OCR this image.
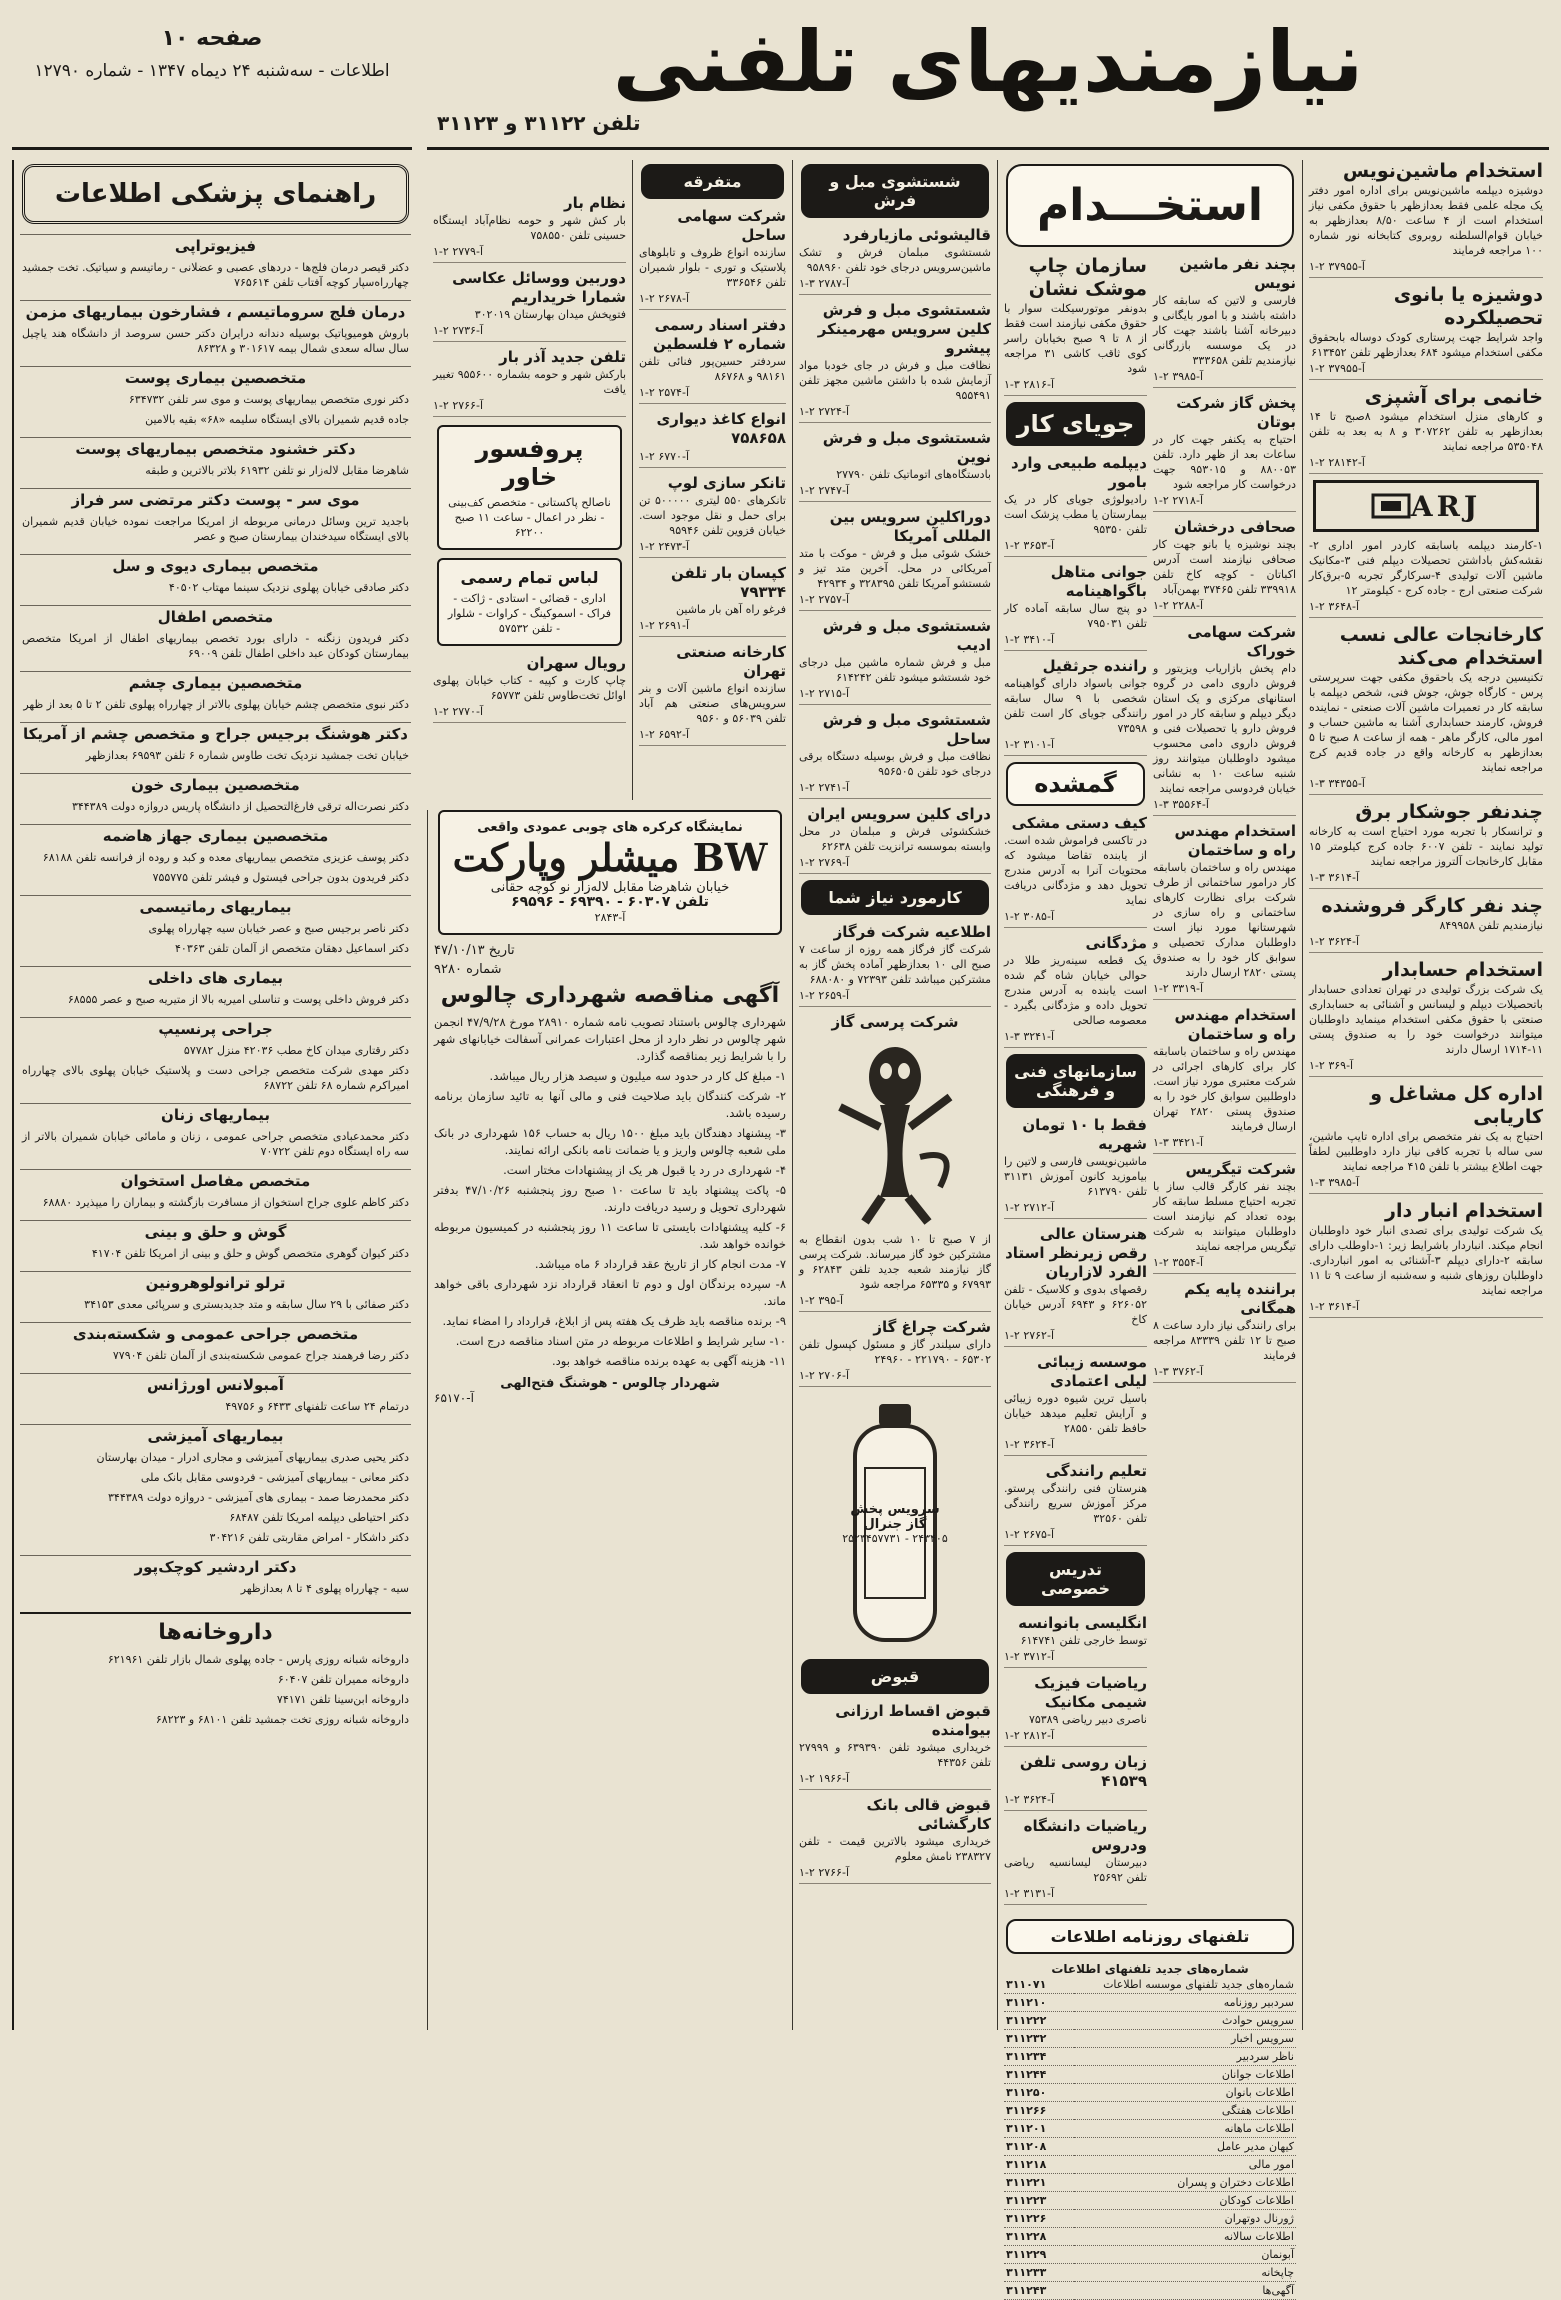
نیازمندیهای تلفنی
تلفن ۳۱۱۲۲ و ۳۱۱۲۳
صفحه ۱۰
اطلاعات - سه‌شنبه ۲۴ دیماه ۱۳۴۷ - شماره ۱۲۷۹۰
استخدام ماشین‌نویس

دوشیزه دیپلمه ماشین‌نویس برای اداره امور دفتر یک مجله علمی فقط بعدازظهر با حقوق مکفی نیاز استخدام است از ۴ ساعت ۸/۵۰ بعدازظهر به خیابان قوام‌السلطنه روبروی کتابخانه نور شماره ۱۰۰ مراجعه فرمایند

آ-۳۷۹۵۵ ۲-۱
دوشیزه یا بانوی تحصیلکرده

واجد شرایط جهت پرستاری کودک دوساله بابحقوق مکفی استخدام میشود ۶۸۴ بعدازظهر تلفن ۶۱۳۴۵۲

آ-۳۷۹۵۵ ۲-۱
خانمی برای آشپزی

و کارهای منزل استخدام میشود ۸صبح تا ۱۴ بعدازظهر به تلفن ۳۰۷۲۶۲ و ۸ به بعد به تلفن ۵۳۵۰۴۸ مراجعه نمایند

آ-۲۸۱۴۲ ۲-۱
ARJ

۱-کارمند دیپلمه باسابقه کاردر امور اداری ۲-نقشه‌کش باداشتن تحصیلات دیپلم فنی ۳-مکانیک ماشین آلات تولیدی ۴-سرکارگر تجربه ۵-برق‌کار شرکت صنعتی ارج - جاده کرج - کیلومتر ۱۲

آ-۳۶۴۸ ۲-۱
کارخانجات عالی نسب استخدام می‌کند

تکنیسین درجه یک باحقوق مکفی جهت سرپرستی پرس - کارگاه جوش، جوش فنی، شخص دیپلمه با سابقه کار در تعمیرات ماشین آلات صنعتی - نماینده فروش، کارمند حسابداری آشنا به ماشین حساب و امور مالی، کارگر ماهر - همه از ساعت ۸ صبح تا ۵ بعدازظهر به کارخانه واقع در جاده قدیم کرج مراجعه نمایند

آ-۳۴۳۵۵ ۳-۱
چندنفر جوشکار برق

و ترانسکار با تجربه مورد احتیاج است به کارخانه تولید نمایند - تلفن ۶۰۰۷ جاده کرج کیلومتر ۱۵ مقابل کارخانجات آلتروز مراجعه نمایند

آ-۳۶۱۴ ۳-۱
چند نفر کارگر فروشنده

نیازمندیم تلفن ۸۴۹۹۵۸

آ-۳۶۲۴ ۲-۱
استخدام حسابدار

یک شرکت بزرگ تولیدی در تهران تعدادی حسابدار باتحصیلات دیپلم و لیسانس و آشنائی به حسابداری صنعتی با حقوق مکفی استخدام مینماید داوطلبان میتوانند درخواست خود را به صندوق پستی ۱۱-۱۷۱۴ ارسال دارند

آ-۳۶۹ ۲-۱
اداره کل مشاغل و کاریابی

احتیاج به یک نفر متخصص برای اداره تایپ ماشین، سی ساله با تجربه کافی نیاز دارد داوطلبین لطفاً جهت اطلاع بیشتر با تلفن ۴۱۵ مراجعه نمایند

آ-۳۹۸۵ ۳-۱
استخدام انبار دار

یک شرکت تولیدی برای تصدی انبار خود داوطلبان انجام میکند. انباردار باشرایط زیر: ۱-داوطلب دارای سابقه ۲-دارای دیپلم ۳-آشنائی به امور انبارداری. داوطلبان روزهای شنبه و سه‌شنبه از ساعت ۹ تا ۱۱ مراجعه نمایند

آ-۳۶۱۴ ۲-۱
استخـــدام
بچند نفر ماشین نویس

فارسی و لاتین که سابقه کار داشته باشند و با امور بایگانی و دبیرخانه آشنا باشند جهت کار در یک موسسه بازرگانی نیازمندیم تلفن ۳۳۳۶۵۸

آ-۳۹۸۵ ۲-۱
پخش گاز شرکت بوتان

احتیاج به یکنفر جهت کار در ساعات بعد از ظهر دارد. تلفن ۸۸۰۰۵۳ و ۹۵۳۰۱۵ جهت درخواست کار مراجعه شود

آ-۲۷۱۸ ۲-۱
صحافی درخشان

بچند نوشیزه یا بانو جهت کار صحافی نیازمند است آدرس اکباتان - کوچه کاخ تلفن ۳۳۹۹۱۸ تلفن ۳۷۴۶۵ بهمن‌آباد

آ-۲۲۸۸ ۲-۱
شرکت سهامی خوراک

دام پخش بازاریاب ویزیتور و فروش داروی دامی در گروه استانهای مرکزی و یک استان دیگر دیپلم و سابقه کار در امور فروش دارو یا تحصیلات فنی و فروش داروی دامی محسوب میشود داوطلبان میتوانند روز شنبه ساعت ۱۰ به نشانی خیابان فردوسی مراجعه نمایند

آ-۳۵۵۶۴ ۳-۱
استخدام مهندس راه و ساختمان

مهندس راه و ساختمان باسابقه کار درامور ساختمانی از طرف شرکت برای نظارت کارهای ساختمانی و راه سازی در شهرستانها مورد نیاز است داوطلبان مدارک تحصیلی و سوابق کار خود را به صندوق پستی ۲۸۲۰ ارسال دارند

آ-۳۳۱۹ ۲-۱
استخدام مهندس راه و ساختمان

مهندس راه و ساختمان باسابقه کار برای کارهای اجرائی در شرکت معتبری مورد نیاز است. داوطلبین سوابق کار خود را به صندوق پستی ۲۸۲۰ تهران ارسال فرمایند

آ-۳۴۲۱ ۳-۱
شرکت تیگریس

بچند نفر کارگر قالب ساز با تجربه احتیاج مسلط سابقه کار بوده تعداد کم نیازمند است داوطلبان میتوانند به شرکت تیگریس مراجعه نمایند

آ-۳۵۵۴ ۲-۱
برانندہ پایه یکم همگانی

برای رانندگی نیاز دارد ساعت ۸ صبح تا ۱۲ تلفن ۸۳۳۳۹ مراجعه فرمایند

آ-۳۷۶۲ ۳-۱
سازمان چاپ موشک نشان

بدونفر موتورسیکلت سوار با حقوق مکفی نیازمند است فقط از ۸ تا ۹ صبح بخیابان راسر کوی ثاقب کاشی ۳۱ مراجعه شود

آ-۲۸۱۶ ۳-۱
جویای کار
دیپلمه طبیعی وارد بامور

رادیولوژی جویای کار در یک بیمارستان یا مطب پزشک است تلفن ۹۵۳۵۰

آ-۳۶۵۳ ۲-۱
جوانی متاهل باگواهینامه

دو پنج سال سابقه آماده کار تلفن ۷۹۵۰۳۱

آ-۳۴۱۰ ۲-۱
راننده جرثقیل

جوانی باسواد دارای گواهینامه شخصی با ۹ سال سابقه رانندگی جویای کار است تلفن ۷۳۵۹۸

آ-۳۱۰۱ ۲-۱
گمشده
کیف دستی مشکی

در تاکسی فراموش شده است. از یابنده تقاضا میشود که محتویات آنرا به آدرس مندرج تحویل دهد و مژدگانی دریافت نماید

آ-۳۰۸۵ ۲-۱
مژدگانی

یک قطعه سینه‌ریز طلا در حوالی خیابان شاه گم شده است یابنده به آدرس مندرج تحویل داده و مژدگانی بگیرد - معصومه صالحی

آ-۳۲۴۱ ۳-۱
سازمانهای فنی و فرهنگی
فقط با ۱۰ تومان شهریه

ماشین‌نویسی فارسی و لاتین را بیاموزید کانون آموزش ۳۱۱۳۱ تلفن ۶۱۳۷۹۰

آ-۲۷۱۲ ۲-۱
هنرستان عالی رقص زیرنظر استاد الفرد لازاریان

رقصهای بدوی و کلاسیک - تلفن ۶۲۶۰۵۲ و ۶۹۴۳ آدرس خیابان کاخ

آ-۲۷۶۲ ۲-۱
موسسه زیبائی لیلی اعتمادی

باسیل ترین شیوه دوره زیبائی و آرایش تعلیم میدهد خیابان حافظ تلفن ۲۸۵۵۰

آ-۳۶۲۴ ۲-۱
تعلیم رانندگی

هنرستان فنی رانندگی پرستو. مرکز آموزش سریع رانندگی تلفن ۳۲۵۶۰

آ-۲۶۷۵ ۲-۱
تدریس خصوصی
انگلیسی بانوانسه

توسط خارجی تلفن ۶۱۴۷۴۱

آ-۳۷۱۲ ۲-۱
ریاضیات فیزیک شیمی مکانیک

ناصری دبیر ریاضی ۷۵۳۸۹

آ-۲۸۱۲ ۲-۱
زبان روسی تلفن ۴۱۵۳۹
آ-۳۶۲۴ ۲-۱
ریاضیات دانشگاه ودروس

دبیرستان لیسانسیه ریاضی تلفن ۲۵۶۹۲

آ-۳۱۳۱ ۲-۱
تلفنهای روزنامه اطلاعات
شماره‌های جدید تلفنهای اطلاعات
شماره‌های جدید تلفنهای موسسه اطلاعات	۳۱۱۰۷۱
سردبیر روزنامه	۳۱۱۲۱۰
سرویس حوادث	۳۱۱۲۲۲
سرویس اخبار	۳۱۱۲۳۲
ناظر سردبیر	۳۱۱۲۳۴
اطلاعات جوانان	۳۱۱۲۴۴
اطلاعات بانوان	۳۱۱۲۵۰
اطلاعات هفتگی	۳۱۱۲۶۶
اطلاعات ماهانه	۳۱۱۲۰۱
کیهان مدیر عامل	۳۱۱۲۰۸
امور مالی	۳۱۱۲۱۸
اطلاعات دختران و پسران	۳۱۱۲۲۱
اطلاعات کودکان	۳۱۱۲۲۳
ژورنال دوتهران	۳۱۱۲۲۶
اطلاعات سالانه	۳۱۱۲۲۸
آبونمان	۳۱۱۲۲۹
چاپخانه	۳۱۱۲۳۳
آگهی‌ها	۳۱۱۲۴۳
شستشوی مبل و فرش
قالیشوئی مازیارفرد

شستشوی مبلمان فرش و تشک ماشین‌سرویس درجای خود تلفن ۹۵۸۹۶۰

آ-۲۷۸۷ ۳-۱
شستشوی مبل و فرش کلین سرویس مهرمینکر پیشرو

نظافت مبل و فرش در جای خودبا مواد آزمایش شده با داشتن ماشین مجهز تلفن ۹۵۵۴۹۱

آ-۲۷۲۴ ۲-۱
شستشوی مبل و فرش نوین

بادستگاه‌های اتوماتیک تلفن ۲۷۷۹۰

آ-۲۷۴۷ ۲-۱
دوراکلین سرویس بین المللی آمریکا

خشک شوئی مبل و فرش - موکت با متد آمریکائی در محل. آخرین متد تیز و شستشو آمریکا تلفن ۳۲۸۳۹۵ و ۴۲۹۳۴

آ-۲۷۵۷ ۲-۱
شستشوی مبل و فرش ادیب

مبل و فرش شماره ماشین مبل درجای خود شستشو میشود تلفن ۶۱۴۲۴۲

آ-۲۷۱۵ ۲-۱
شستشوی مبل و فرش ساحل

نظافت مبل و فرش بوسیله دستگاه برقی درجای خود تلفن ۹۵۶۵۰۵

آ-۲۷۴۱ ۲-۱
درای کلین سرویس ایران

خشکشوئی فرش و مبلمان در محل وابسته بموسسه ترانزیت تلفن ۶۲۶۳۸

آ-۲۷۶۹ ۲-۱
کارمورد نیاز شما
اطلاعیه شرکت فرگاز

شرکت گاز فرگاز همه روزه از ساعت ۷ صبح الی ۱۰ بعدازظهر آماده پخش گاز به مشترکین میباشد تلفن ۷۲۳۹۳ و ۶۸۸۰۸۰

آ-۲۶۵۹ ۲-۱
شرکت پرسی گاز

از ۷ صبح تا ۱۰ شب بدون انقطاع به مشترکین خود گاز میرساند. شرکت پرسی گاز نیازمند شعبه جدید تلفن ۶۲۸۴۳ و ۶۷۹۹۳ و ۶۵۳۳۵ مراجعه شود

آ-۳۹۵ ۲-۱
شرکت چراغ گاز

دارای سیلندر گاز و مسئول کپسول تلفن ۶۵۳۰۲ - ۲۲۱۷۹۰ - ۲۴۹۶۰

آ-۲۷۰۶ ۲-۱
سرویس پخش گاز جنرال
۲۴۳۴۰۵ - ۲۵۲۳۴۵۷۷۳۱
قبوض
قبوض اقساط ارزانی بیوامنده

خریداری میشود تلفن ۶۳۹۳۹۰ و ۲۷۹۹۹ تلفن ۴۴۳۵۶

آ-۱۹۶۶ ۲-۱
قبوض قالی بانک کارگشائی

خریداری میشود بالاترین قیمت - تلفن ۲۳۸۳۲۷ نامش معلوم

آ-۲۷۶۶ ۲-۱
متفرقه
شرکت سهامی ساحل

سازنده انواع ظروف و تابلوهای پلاستیک و توری - بلوار شمیران تلفن ۳۳۶۵۴۶

آ-۲۶۷۸ ۲-۱
دفتر اسناد رسمی شماره ۲ فلسطین

سردفتر حسین‌پور فنائی تلفن ۹۸۱۶۱ و ۸۶۷۶۸

آ-۲۵۷۴ ۲-۱
انواع کاغذ دیواری ۷۵۸۶۵۸
آ-۶۷۷۰ ۲-۱
تانکر سازی لوپ

تانکرهای ۵۵۰ لیتری ۵۰۰۰۰۰ تن برای حمل و نقل موجود است. خیابان قزوین تلفن ۹۵۹۴۶

آ-۲۴۷۳ ۲-۱
کپسان بار تلفن ۷۹۳۳۴

فرغو راه آهن بار ماشین

آ-۲۶۹۱ ۲-۱
کارخانه صنعتی تهران

سازنده انواع ماشین آلات و بنر سرویس‌های صنعتی هم آباد تلفن ۵۶۰۳۹ و ۹۵۶۰

آ-۶۵۹۲ ۲-۱
نظام بار

بار کش شهر و حومه نظام‌آباد ایستگاه حسینی تلفن ۷۵۸۵۵۰

آ-۲۷۷۹ ۲-۱
دوربین ووسائل عکاسی شمارا خریداریم

فتوپخش میدان بهارستان ۳۰۲۰۱۹

آ-۲۷۳۶ ۲-۱
تلفن جدید آذر بار

بارکش شهر و حومه بشماره ۹۵۵۶۰۰ تغییر یافت

آ-۲۷۶۶ ۲-۱
پروفسور خاور

ناصالح پاکستانی - متخصص کف‌بینی - نظر در اعمال - ساعت ۱۱ صبح

۶۲۲۰۰

لباس تمام رسمی

اداری - قضائی - استادی - ژاکت - فراک - اسموکینگ - کراوات - شلوار - تلفن ۵۷۵۳۲

رویال سهران

چاپ کارت و کپیه - کتاب خیابان پهلوی اوائل تخت‌طاوس تلفن ۶۵۷۷۳

آ-۲۷۷۰ ۲-۱

نمایشگاه کرکره های چوبی عمودی واقعی

میشلر وپارکت BW

خیابان شاهرضا مقابل لاله‌زار نو کوچه حقانی

تلفن ۶۰۳۰۷ - ۶۹۳۹۰ - ۶۹۵۹۶

آ-۲۸۴۳

تاریخ ۴۷/۱۰/۱۳
شماره ۹۲۸۰
آگهی مناقصه شهرداری چالوس

شهرداری چالوس باستناد تصویب نامه شماره ۲۸۹۱۰ مورخ ۴۷/۹/۲۸ انجمن شهر چالوس در نظر دارد از محل اعتبارات عمرانی آسفالت خیابانهای شهر را با شرایط زیر بمناقصه گذارد.

۱- مبلغ کل کار در حدود سه میلیون و سیصد هزار ریال میباشد.

۲- شرکت کنندگان باید صلاحیت فنی و مالی آنها به تائید سازمان برنامه رسیده باشد.

۳- پیشنهاد دهندگان باید مبلغ ۱۵۰۰ ریال به حساب ۱۵۶ شهرداری در بانک ملی شعبه چالوس واریز و یا ضمانت نامه بانکی ارائه نمایند.

۴- شهرداری در رد یا قبول هر یک از پیشنهادات مختار است.

۵- پاکت پیشنهاد باید تا ساعت ۱۰ صبح روز پنجشنبه ۴۷/۱۰/۲۶ بدفتر شهرداری تحویل و رسید دریافت دارند.

۶- کلیه پیشنهادات بایستی تا ساعت ۱۱ روز پنجشنبه در کمیسیون مربوطه خوانده خواهد شد.

۷- مدت انجام کار از تاریخ عقد قرارداد ۶ ماه میباشد.

۸- سپرده برندگان اول و دوم تا انعقاد قرارداد نزد شهرداری باقی خواهد ماند.

۹- برنده مناقصه باید ظرف یک هفته پس از ابلاغ، قرارداد را امضاء نماید.

۱۰- سایر شرایط و اطلاعات مربوطه در متن اسناد مناقصه درج است.

۱۱- هزینه آگهی به عهده برنده مناقصه خواهد بود.

شهردار چالوس - هوشنگ فتح‌الهی
آ-۶۵۱۷۰
راهنمای پزشکی اطلاعات
فیزیوتراپی
دکتر قیصر درمان فلج‌ها - دردهای عصبی و عضلانی - رماتیسم و سیاتیک. تخت جمشید چهارراه‌سپار کوچه آفتاب تلفن ۷۶۵۶۱۴
درمان فلج سروماتیسم ، فشارخون بیماریهای مزمن
باروش هومیوپاتیک بوسیله دندانه درایران دکتر حسن سروصد از دانشگاه هند یاچیل سال ساله سعدی شمال بیمه ۳۰۱۶۱۷ و ۸۶۳۲۸
متخصصین بیماری پوست
دکتر نوری متخصص بیماریهای پوست و موی سر تلفن ۶۳۴۷۳۲
جاده قدیم شمیران بالای ایستگاه سلیمه «۶۸» بقیه بالامین
دکتر خشنود متخصص بیماریهای پوست
شاهرضا مقابل لاله‌زار نو تلفن ۶۱۹۳۲ بلاتر بالاترین و طبقه
موی سر - پوست دکتر مرتضی سر فراز
باجدید ترین وسائل درمانی مربوطه از امریکا مراجعت نموده خیابان قدیم شمیران بالای ایستگاه سیدخندان بیمارستان صبح و عصر
متخصص بیماری دیوی و سل
دکتر صادقی خیابان پهلوی نزدیک سینما مهتاب ۴۰۵۰۲
متخصص اطفال
دکتر فریدون زنگنه - دارای بورد تخصص بیماریهای اطفال از امریکا متخصص بیمارستان کودکان عبد داخلی اطفال تلفن ۶۹۰۰۹
متخصصین بیماری چشم
دکتر نبوی متخصص چشم خیابان پهلوی بالاتر از چهارراه پهلوی تلفن ۲ تا ۵ بعد از ظهر
دکتر هوشنگ برجیس جراح و متخصص چشم از آمریکا
خیابان تخت جمشید نزدیک تخت طاوس شماره ۶ تلفن ۶۹۵۹۳ بعدازظهر
متخصصین بیماری خون
دکتر نصرت‌اله ترقی فارغ‌التحصیل از دانشگاه پاریس دروازه دولت ۳۴۴۳۸۹
متخصصین بیماری جهاز هاضمه
دکتر پوسف عزیزی متخصص بیماریهای معده و کبد و روده از فرانسه تلفن ۶۸۱۸۸
دکتر فریدون بدون جراحی فیستول و فیشر تلفن ۷۵۵۷۷۵
بیماریهای رماتیسمی
دکتر ناصر برجیس صبح و عصر خیابان سیه چهارراه پهلوی
دکتر اسماعیل دهقان متخصص از آلمان تلفن ۴۰۳۶۳
بیماری های داخلی
دکتر فروش داخلی پوست و تناسلی امیریه بالا از متیریه صبح و عصر ۶۸۵۵۵
جراحی پرنسیپ
دکتر رقتاری میدان کاخ مطب ۴۲۰۳۶ منزل ۵۷۷۸۲
دکتر مهدی شرکت متخصص جراحی دست و پلاستیک خیابان پهلوی بالای چهارراه امیراکرم شماره ۶۸ تلفن ۶۸۷۲۲
بیماریهای زنان
دکتر محمدعبادی متخصص جراحی عمومی ، زنان و مامائی خیابان شمیران بالاتر از سه راه ایستگاه دوم تلفن ۷۰۷۲۲
متخصص مفاصل استخوان
دکتر کاظم علوی جراح استخوان از مسافرت بازگشته و بیماران را میپذیرد ۶۸۸۸۰
گوش و حلق و بینی
دکتر کیوان گوهری متخصص گوش و حلق و بینی از امریکا تلفن ۴۱۷۰۴
ترلو ترانولوهرونین
دکتر صفائی با ۲۹ سال سابقه و متد جدیدبستری و سرپائی معدی ۳۴۱۵۳
متخصص جراحی عمومی و شکسته‌بندی
دکتر رضا فرهمند جراح عمومی شکسته‌بندی از آلمان تلفن ۷۷۹۰۴
آمبولانس اورژانس
درتمام ۲۴ ساعت تلفنهای ۶۴۳۳ و ۴۹۷۵۶
بیماریهای آمیزشی
دکتر یحیی صدری بیماریهای آمیزشی و مجاری ادرار - میدان بهارستان
دکتر معانی - بیماریهای آمیزشی - فردوسی مقابل بانک ملی
دکتر محمدرضا صمد - بیماری های آمیزشی - دروازه دولت ۳۴۴۳۸۹
دکتر احتیاطی دیپلمه امریکا تلفن ۶۸۴۸۷
دکتر داشکار - امراض مقاربتی تلفن ۳۰۴۲۱۶
دکتر اردشیر کوچک‌پور
سیه - چهارراه پهلوی ۴ تا ۸ بعدازظهر
داروخانه‌ها
داروخانه شبانه روزی پارس - جاده پهلوی شمال بازار تلفن ۶۲۱۹۶۱
داروخانه ممیران تلفن ۶۰۴۰۷
داروخانه ابن‌سینا تلفن ۷۴۱۷۱
داروخانه شبانه روزی تخت جمشید تلفن ۶۸۱۰۱ و ۶۸۲۲۳
